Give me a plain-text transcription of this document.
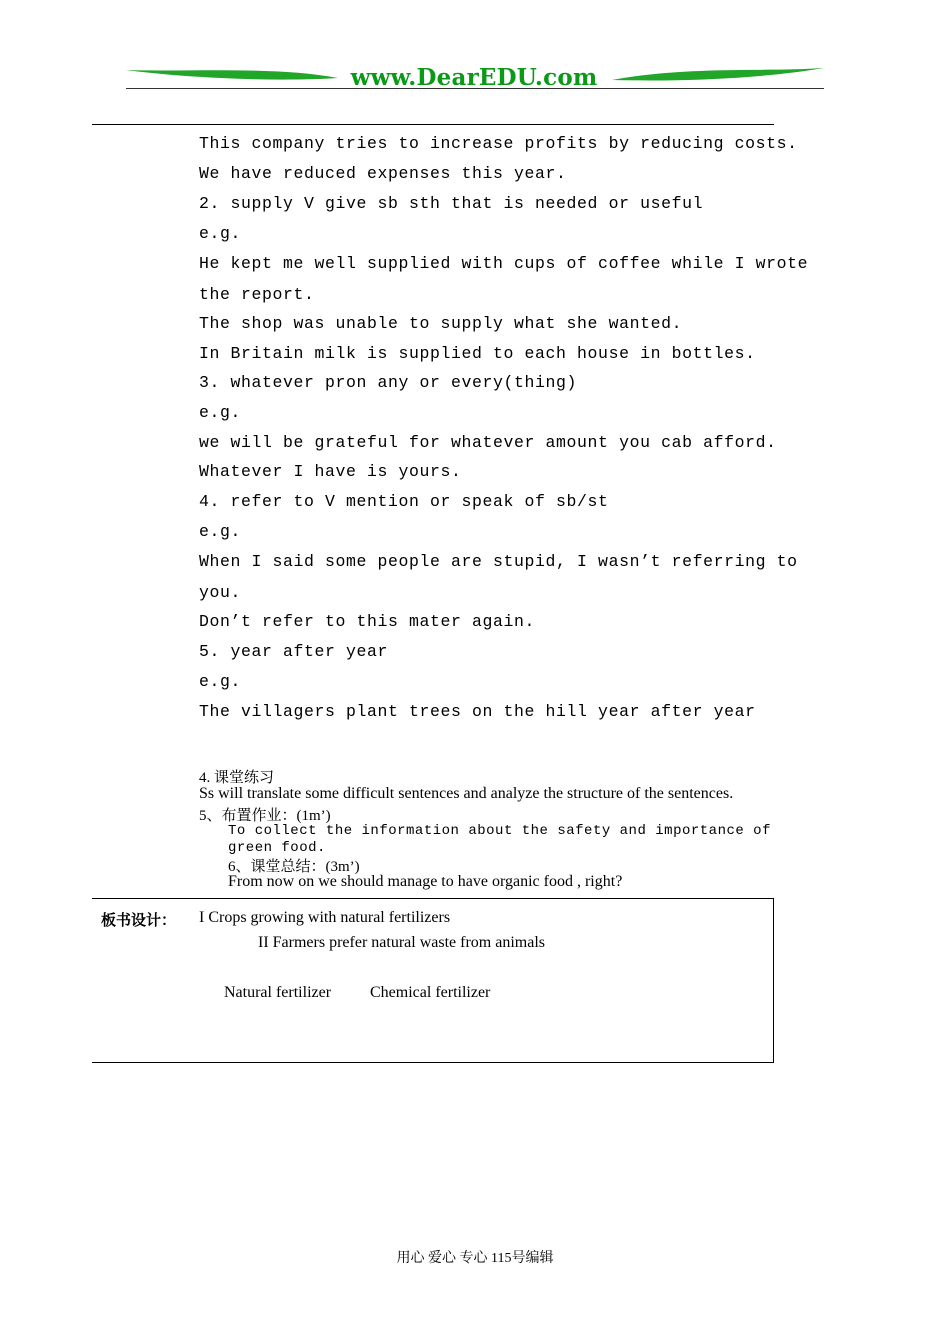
www.DearEDU.com
This company tries to increase profits by reducing costs.
We have reduced expenses this year.
2. supply V give sb sth that is needed or useful
e.g.
He kept me well supplied with cups of coffee while I wrote
the report.
The shop was unable to supply what she wanted.
In Britain milk is supplied to each house in bottles.
3. whatever pron any or every(thing)
e.g.
we will be grateful for whatever amount you cab afford.
Whatever I have is yours.
4. refer to V mention or speak of sb/st
e.g.
When I said some people are stupid, I wasn’t referring to
you.
Don’t refer to this mater again.
5. year after year
e.g.
The villagers plant trees on the hill year after year
4. 课堂练习
Ss will translate some difficult sentences and analyze the structure of the sentences.
5、布置作业：(1m’)
To collect the information about the safety and importance of
green food.
6、课堂总结：(3m’)
From now on we should manage to have organic food , right?
板书设计： I Crops growing with natural fertilizers
II Farmers prefer natural waste from animals
Natural fertilizer Chemical fertilizer
用心 爱心 专心 115号编辑
